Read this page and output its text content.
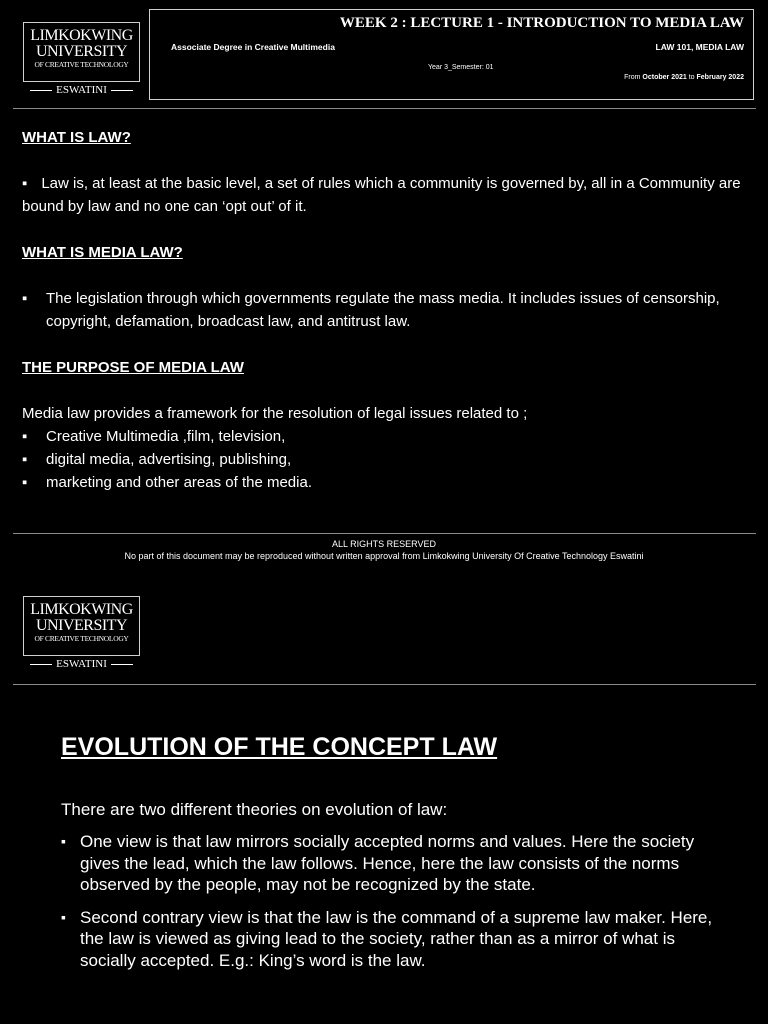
LIMKOKWING
UNIVERSITY
OF CREATIVE TECHNOLOGY
ESWATINI
WEEK 2 : LECTURE 1 - INTRODUCTION TO MEDIA LAW
Associate Degree in Creative Multimedia	LAW 101, MEDIA LAW
Year 3_Semester: 01
From October 2021 to February 2022

WHAT IS LAW?

▪ Law is, at least at the basic level, a set of rules which a community is governed by, all in a Community are bound by law and no one can ‘opt out’ of it.

WHAT IS MEDIA LAW?

▪ The legislation through which governments regulate the mass media. It includes issues of censorship, copyright, defamation, broadcast law, and antitrust law.

THE PURPOSE OF MEDIA LAW

Media law provides a framework for the resolution of legal issues related to ;

▪ Creative Multimedia ,film, television,

▪ digital media, advertising, publishing,

▪ marketing and other areas of the media.

ALL RIGHTS RESERVED
No part of this document may be reproduced without written approval from Limkokwing University Of Creative Technology Eswatini
LIMKOKWING
UNIVERSITY
OF CREATIVE TECHNOLOGY
ESWATINI
EVOLUTION OF THE CONCEPT LAW

There are two different theories on evolution of law:

▪ One view is that law mirrors socially accepted norms and values. Here the society gives the lead, which the law follows. Hence, here the law consists of the norms observed by the people, may not be recognized by the state.
▪ Second contrary view is that the law is the command of a supreme law maker. Here, the law is viewed as giving lead to the society, rather than as a mirror of what is socially accepted. E.g.: King’s word is the law.
